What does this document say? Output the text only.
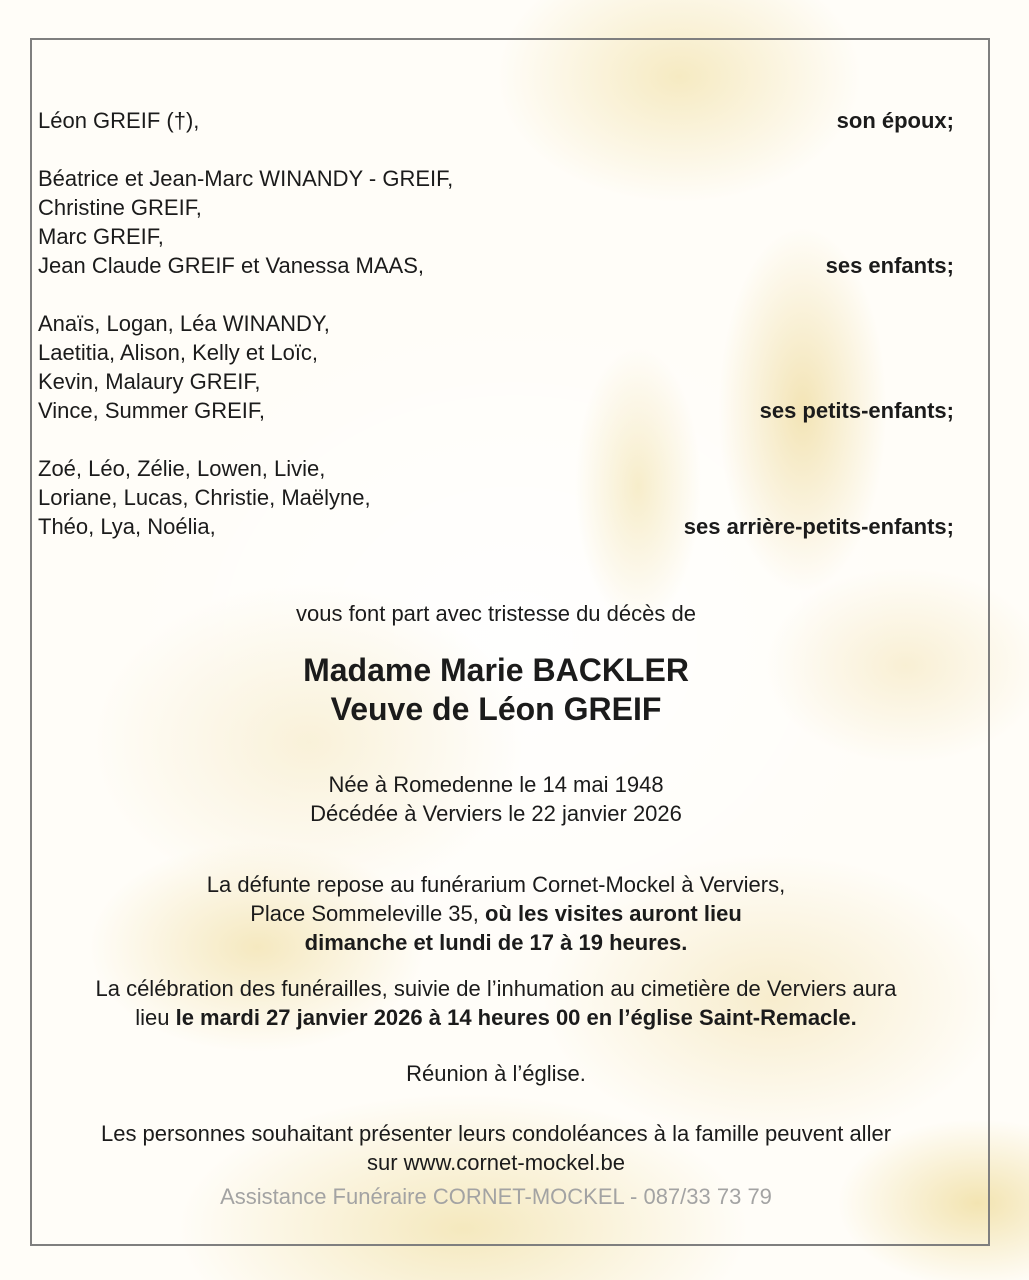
Léon GREIF (†),	son époux;
Béatrice et Jean-Marc WINANDY - GREIF,
Christine GREIF,
Marc GREIF,
Jean Claude GREIF et Vanessa MAAS,	ses enfants;
Anaïs, Logan, Léa WINANDY,
Laetitia, Alison, Kelly et Loïc,
Kevin, Malaury GREIF,
Vince, Summer GREIF,	ses petits-enfants;
Zoé, Léo, Zélie, Lowen, Livie,
Loriane, Lucas, Christie, Maëlyne,
Théo, Lya, Noélia,	ses arrière-petits-enfants;
vous font part avec tristesse du décès de
Madame Marie BACKLER
Veuve de Léon GREIF
Née à Romedenne le 14 mai 1948
Décédée à Verviers le 22 janvier 2026
La défunte repose au funérarium Cornet-Mockel à Verviers,
Place Sommeleville 35, où les visites auront lieu
dimanche et lundi de 17 à 19 heures.
La célébration des funérailles, suivie de l’inhumation au cimetière de Verviers aura
lieu le mardi 27 janvier 2026 à 14 heures 00 en l’église Saint-Remacle.
Réunion à l’église.
Les personnes souhaitant présenter leurs condoléances à la famille peuvent aller
sur www.cornet-mockel.be
Assistance Funéraire CORNET-MOCKEL - 087/33 73 79
